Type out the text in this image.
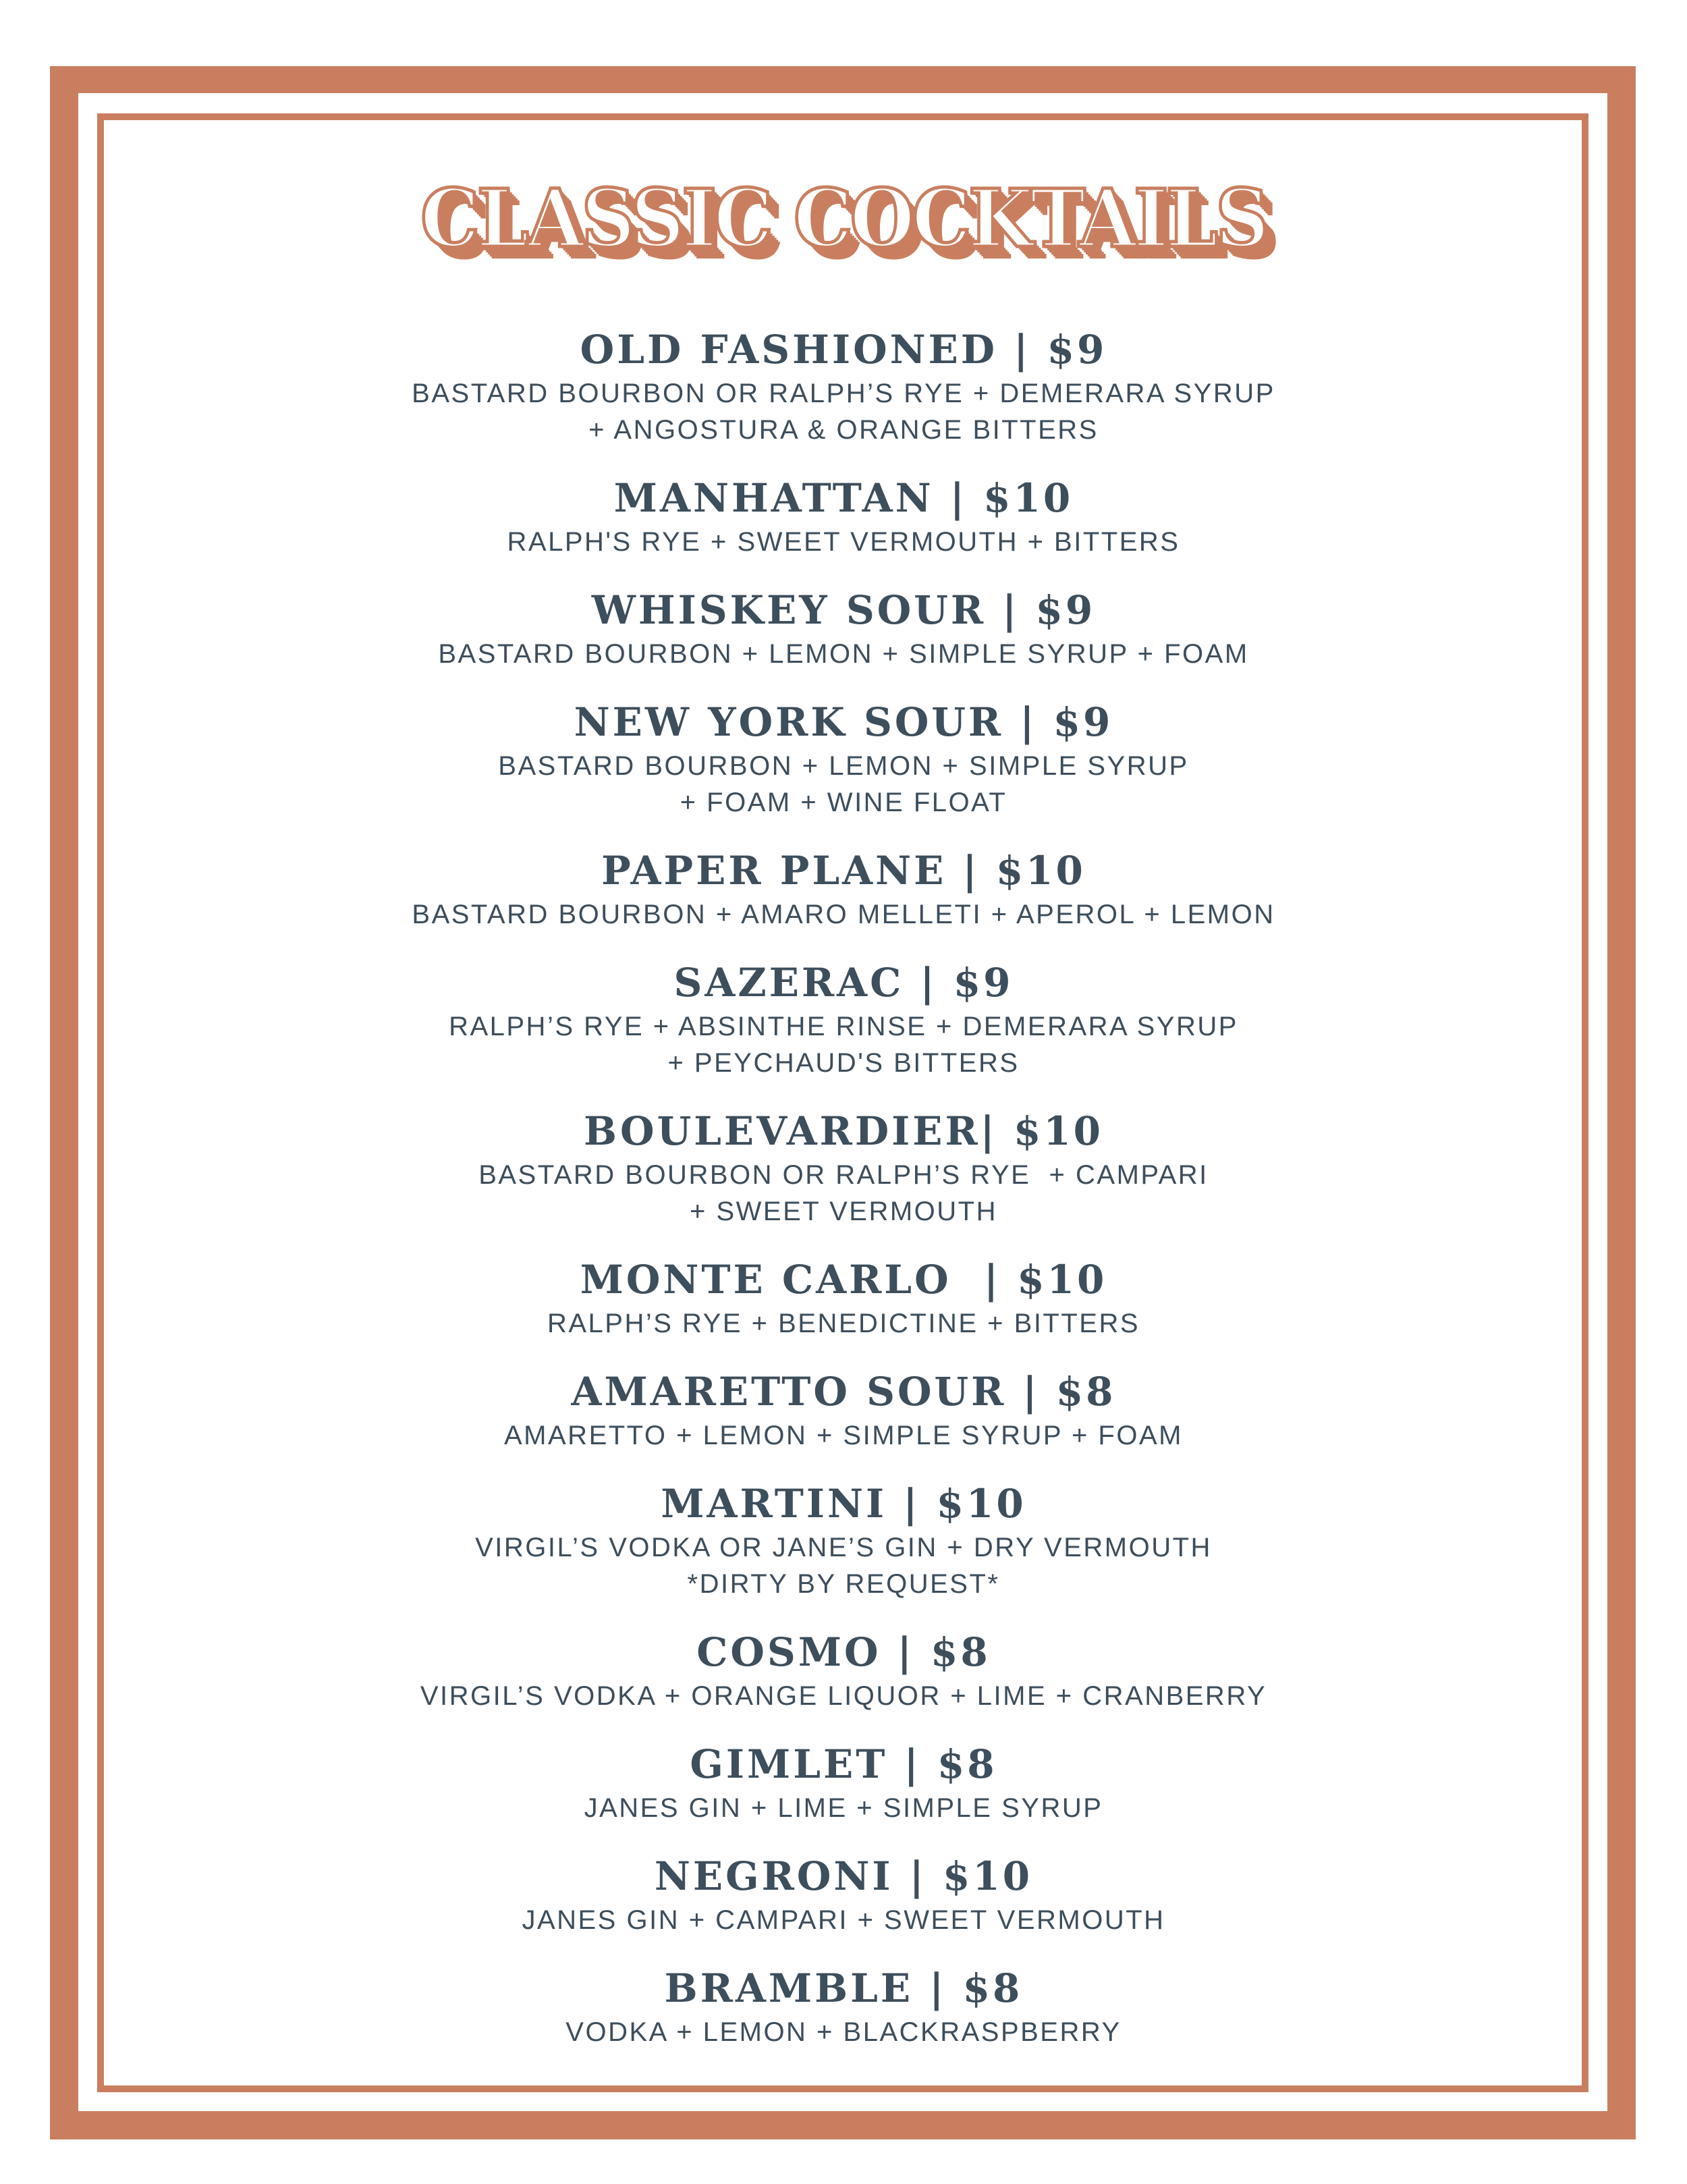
CLASSIC COCKTAILS
OLD FASHIONED | $9
BASTARD BOURBON OR RALPH’S RYE + DEMERARA SYRUP
+ ANGOSTURA & ORANGE BITTERS
MANHATTAN | $10
RALPH'S RYE + SWEET VERMOUTH + BITTERS
WHISKEY SOUR | $9
BASTARD BOURBON + LEMON + SIMPLE SYRUP + FOAM
NEW YORK SOUR | $9
BASTARD BOURBON + LEMON + SIMPLE SYRUP
+ FOAM + WINE FLOAT
PAPER PLANE | $10
BASTARD BOURBON + AMARO MELLETI + APEROL + LEMON
SAZERAC | $9
RALPH’S RYE + ABSINTHE RINSE + DEMERARA SYRUP
+ PEYCHAUD'S BITTERS
BOULEVARDIER| $10
BASTARD BOURBON OR RALPH’S RYE  + CAMPARI
+ SWEET VERMOUTH
MONTE CARLO  | $10
RALPH’S RYE + BENEDICTINE + BITTERS
AMARETTO SOUR | $8
AMARETTO + LEMON + SIMPLE SYRUP + FOAM
MARTINI | $10
VIRGIL’S VODKA OR JANE’S GIN + DRY VERMOUTH
*DIRTY BY REQUEST*
COSMO | $8
VIRGIL’S VODKA + ORANGE LIQUOR + LIME + CRANBERRY
GIMLET | $8
JANES GIN + LIME + SIMPLE SYRUP
NEGRONI | $10
JANES GIN + CAMPARI + SWEET VERMOUTH
BRAMBLE | $8
VODKA + LEMON + BLACKRASPBERRY
